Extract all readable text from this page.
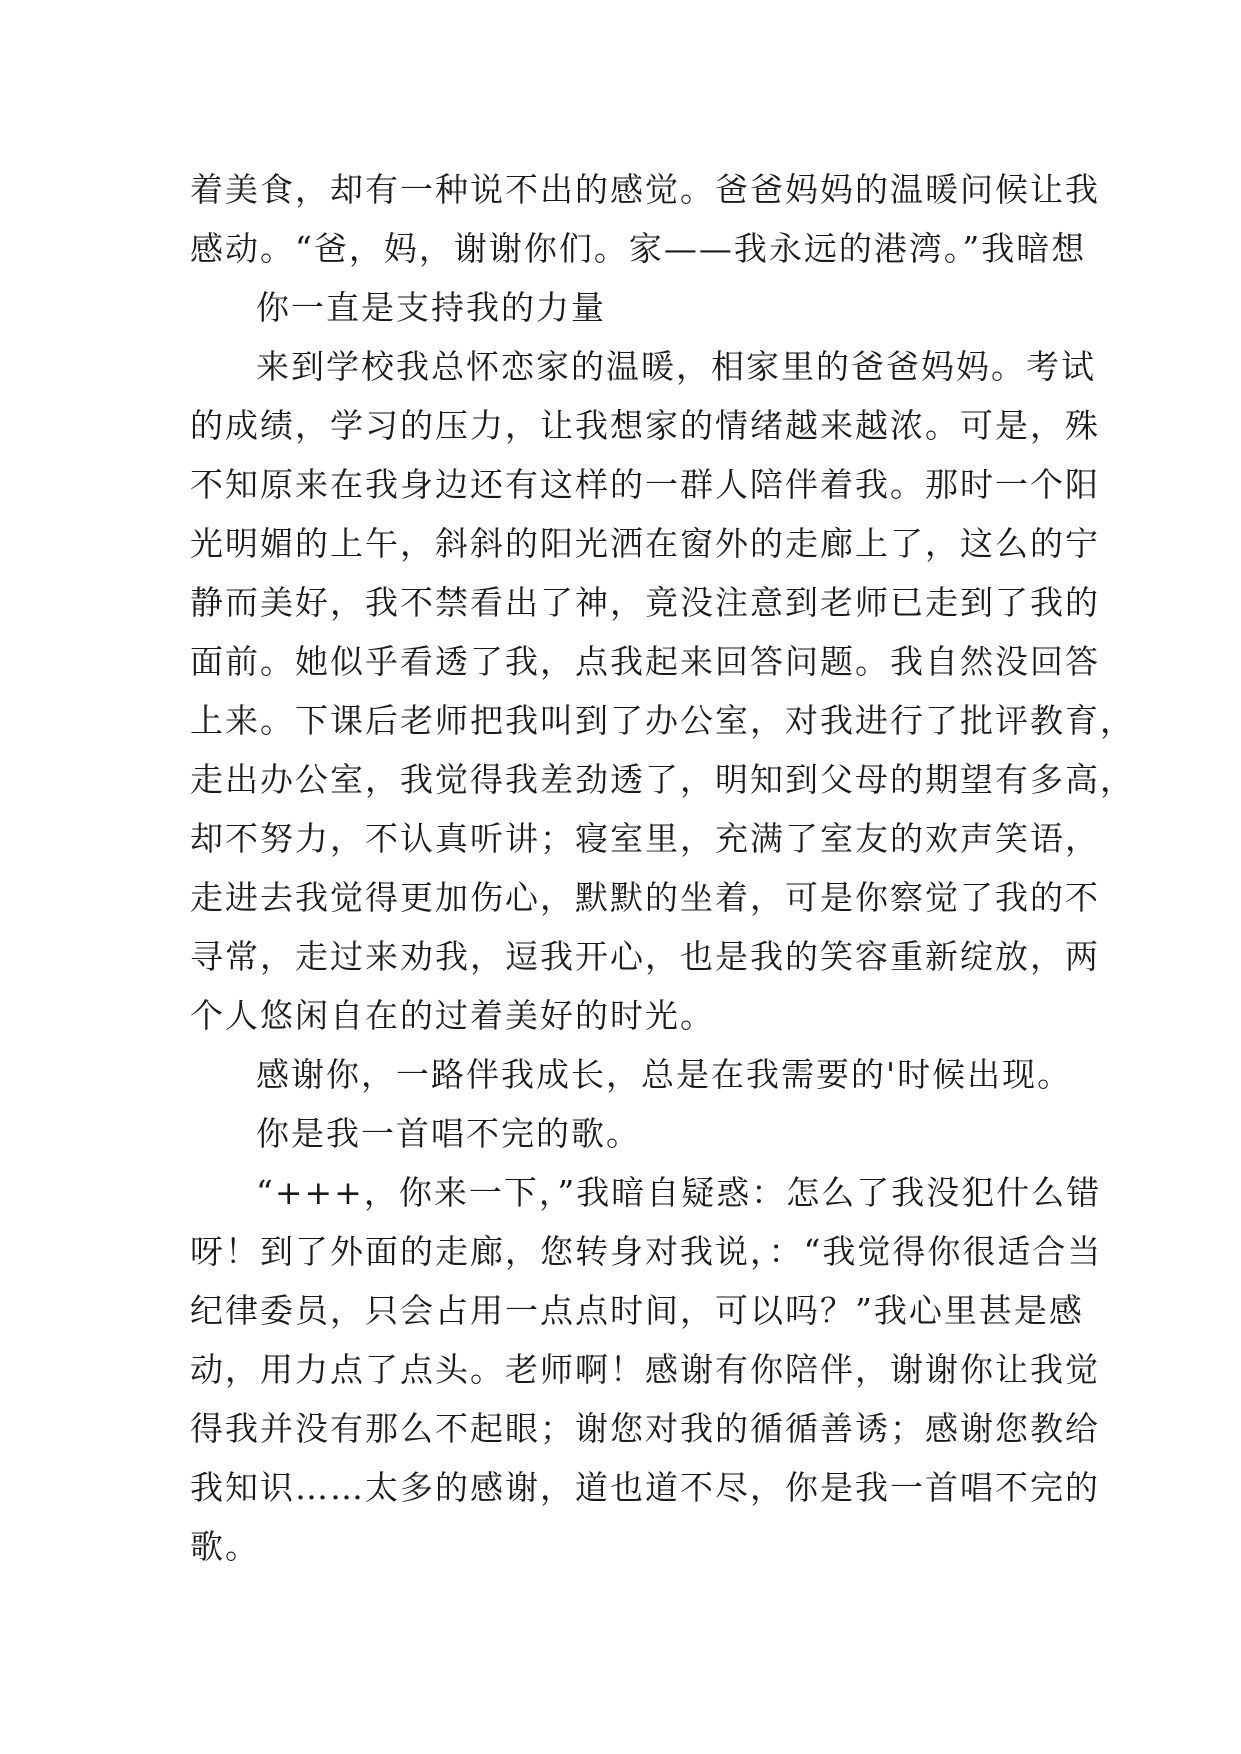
着美食，却有一种说不出的感觉。爸爸妈妈的温暖问候让我
感动。“爸，妈，谢谢你们。家——我永远的港湾。”我暗想
你一直是支持我的力量
来到学校我总怀恋家的温暖，相家里的爸爸妈妈。考试
的成绩，学习的压力，让我想家的情绪越来越浓。可是，殊
不知原来在我身边还有这样的一群人陪伴着我。那时一个阳
光明媚的上午，斜斜的阳光洒在窗外的走廊上了，这么的宁
静而美好，我不禁看出了神，竟没注意到老师已走到了我的
面前。她似乎看透了我，点我起来回答问题。我自然没回答
上来。下课后老师把我叫到了办公室，对我进行了批评教育，
走出办公室，我觉得我差劲透了，明知到父母的期望有多高，
却不努力，不认真听讲；寝室里，充满了室友的欢声笑语，
走进去我觉得更加伤心，默默的坐着，可是你察觉了我的不
寻常，走过来劝我，逗我开心，也是我的笑容重新绽放，两
个人悠闲自在的过着美好的时光。
感谢你，一路伴我成长，总是在我需要的'时候出现。
你是我一首唱不完的歌。
“+++，你来一下，”我暗自疑惑：怎么了我没犯什么错
呀！到了外面的走廊，您转身对我说，：“我觉得你很适合当
纪律委员，只会占用一点点时间，可以吗？”我心里甚是感
动，用力点了点头。老师啊！感谢有你陪伴，谢谢你让我觉
得我并没有那么不起眼；谢您对我的循循善诱；感谢您教给
我知识……太多的感谢，道也道不尽，你是我一首唱不完的
歌。
